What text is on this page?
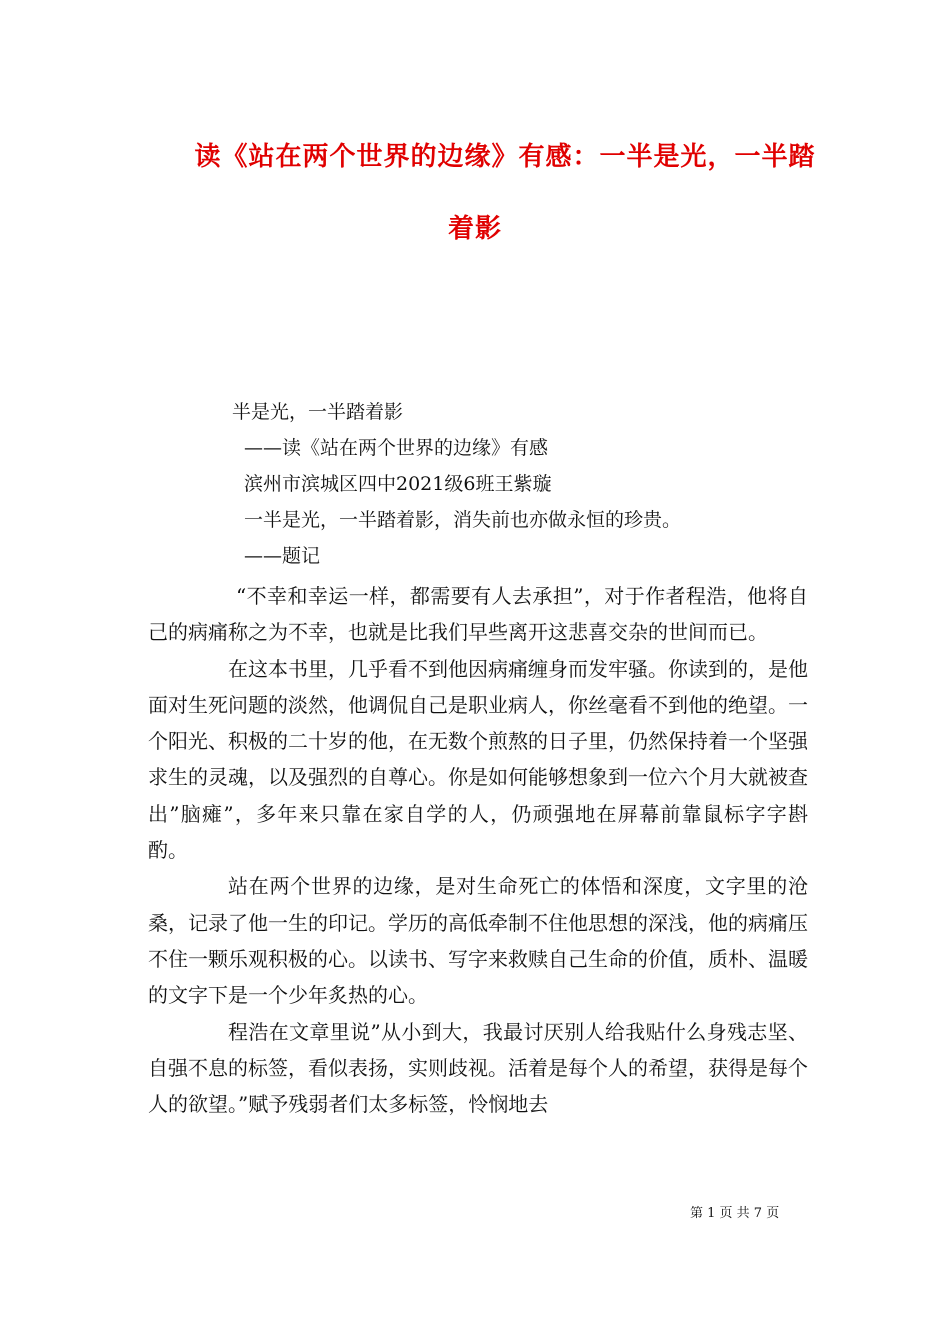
读《站在两个世界的边缘》有感：一半是光，一半踏
着影
半是光，一半踏着影
——读《站在两个世界的边缘》有感
滨州市滨城区四中2021级6班王紫璇
一半是光，一半踏着影，消失前也亦做永恒的珍贵。
——题记

“不幸和幸运一样，都需要有人去承担”，对于作者程浩，他将自己的病痛称之为不幸，也就是比我们早些离开这悲喜交杂的世间而已。

在这本书里，几乎看不到他因病痛缠身而发牢骚。你读到的，是他面对生死问题的淡然，他调侃自己是职业病人，你丝毫看不到他的绝望。一个阳光、积极的二十岁的他，在无数个煎熬的日子里，仍然保持着一个坚强求生的灵魂，以及强烈的自尊心。你是如何能够想象到一位六个月大就被查出”脑瘫”，多年来只靠在家自学的人，仍顽强地在屏幕前靠鼠标字字斟酌。

站在两个世界的边缘，是对生命死亡的体悟和深度，文字里的沧桑，记录了他一生的印记。学历的高低牵制不住他思想的深浅，他的病痛压不住一颗乐观积极的心。以读书、写字来救赎自己生命的价值，质朴、温暖的文字下是一个少年炙热的心。

程浩在文章里说”从小到大，我最讨厌别人给我贴什么身残志坚、自强不息的标签，看似表扬，实则歧视。活着是每个人的希望，获得是每个人的欲望。”赋予残弱者们太多标签，怜悯地去

第 1 页 共 7 页
